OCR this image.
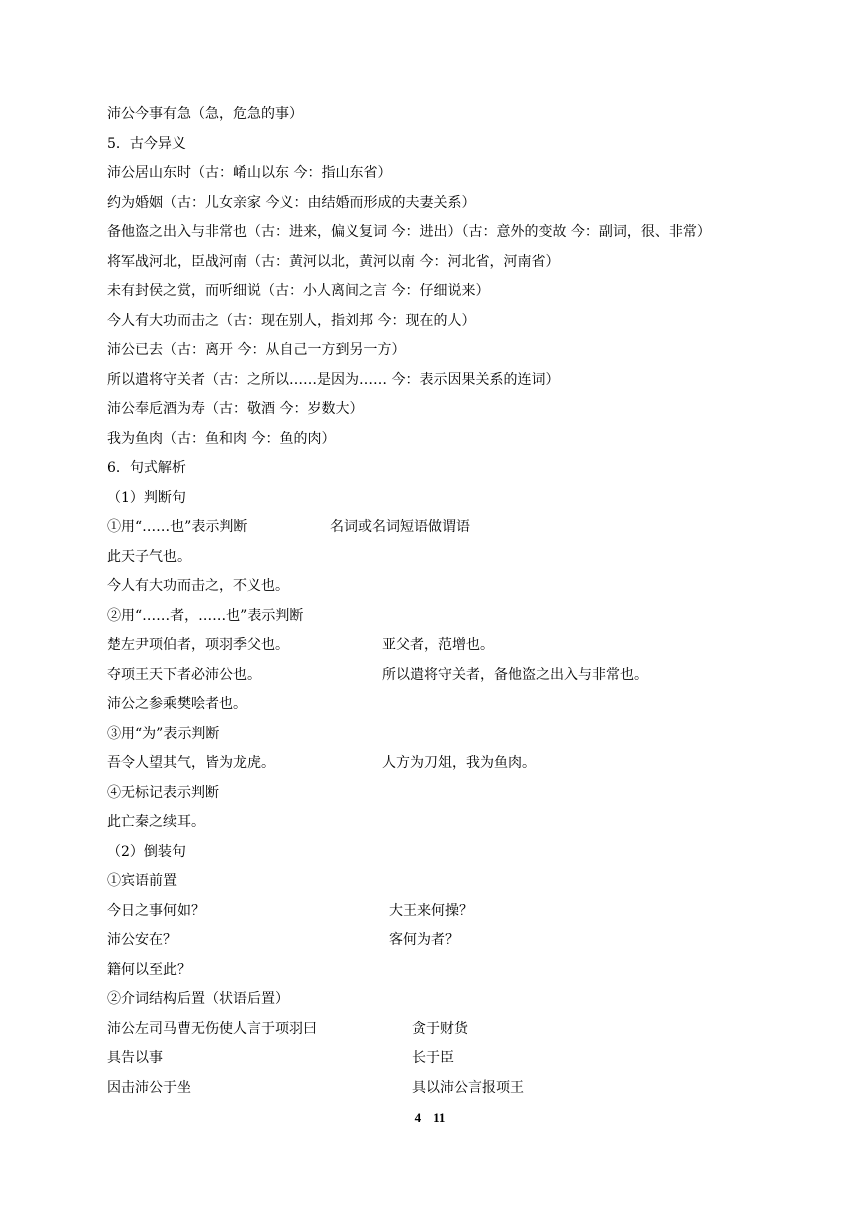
沛公今事有急（急，危急的事）
5．古今异义
沛公居山东时（古：崤山以东 今：指山东省）
约为婚姻（古：儿女亲家 今义：由结婚而形成的夫妻关系）
备他盗之出入与非常也（古：进来，偏义复词 今：进出）（古：意外的变故 今：副词，很、非常）
将军战河北，臣战河南（古：黄河以北，黄河以南 今：河北省，河南省）
未有封侯之赏，而听细说（古：小人离间之言 今：仔细说来）
今人有大功而击之（古：现在别人，指刘邦 今：现在的人）
沛公已去（古：离开 今：从自己一方到另一方）
所以遣将守关者（古：之所以……是因为…… 今：表示因果关系的连词）
沛公奉卮酒为寿（古：敬酒 今：岁数大）
我为鱼肉（古：鱼和肉 今：鱼的肉）
6．句式解析
（1）判断句
①用“……也”表示判断	名词或名词短语做谓语
此天子气也。
今人有大功而击之，不义也。
②用“……者，……也”表示判断
楚左尹项伯者，项羽季父也。	亚父者，范增也。
夺项王天下者必沛公也。	所以遣将守关者，备他盗之出入与非常也。
沛公之参乘樊哙者也。
③用“为”表示判断
吾令人望其气，皆为龙虎。	人方为刀俎，我为鱼肉。
④无标记表示判断
此亡秦之续耳。
（2）倒装句
①宾语前置
今日之事何如？	大王来何操？
沛公安在？	客何为者？
籍何以至此？
②介词结构后置（状语后置）
沛公左司马曹无伤使人言于项羽曰	贪于财货
具告以事	长于臣
因击沛公于坐	具以沛公言报项王
4 11
